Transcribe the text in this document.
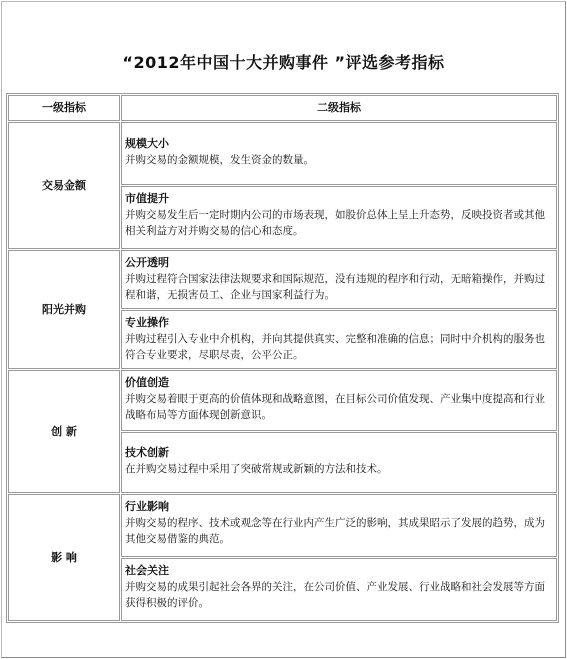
“2012年中国十大并购事件 ”评选参考指标
一级指标	二级指标
交易金额	规模大小
并购交易的金额规模，发生资金的数量。

	市值提升
并购交易发生后一定时期内公司的市场表现，如股价总体上呈上升态势，反映投资者或其他相关利益方对并购交易的信心和态度。

阳光并购	公开透明
并购过程符合国家法律法规要求和国际规范，没有违规的程序和行动，无暗箱操作，并购过程和谐，无损害员工、企业与国家利益行为。

	专业操作
并购过程引入专业中介机构，并向其提供真实、完整和准确的信息；同时中介机构的服务也符合专业要求，尽职尽责，公平公正。

创 新	价值创造
并购交易着眼于更高的价值体现和战略意图，在目标公司价值发现、产业集中度提高和行业战略布局等方面体现创新意识。

	技术创新
在并购交易过程中采用了突破常规或新颖的方法和技术。

影 响	行业影响
并购交易的程序、技术或观念等在行业内产生广泛的影响，其成果昭示了发展的趋势，成为其他交易借鉴的典范。

	社会关注
并购交易的成果引起社会各界的关注，在公司价值、产业发展、行业战略和社会发展等方面获得积极的评价。
